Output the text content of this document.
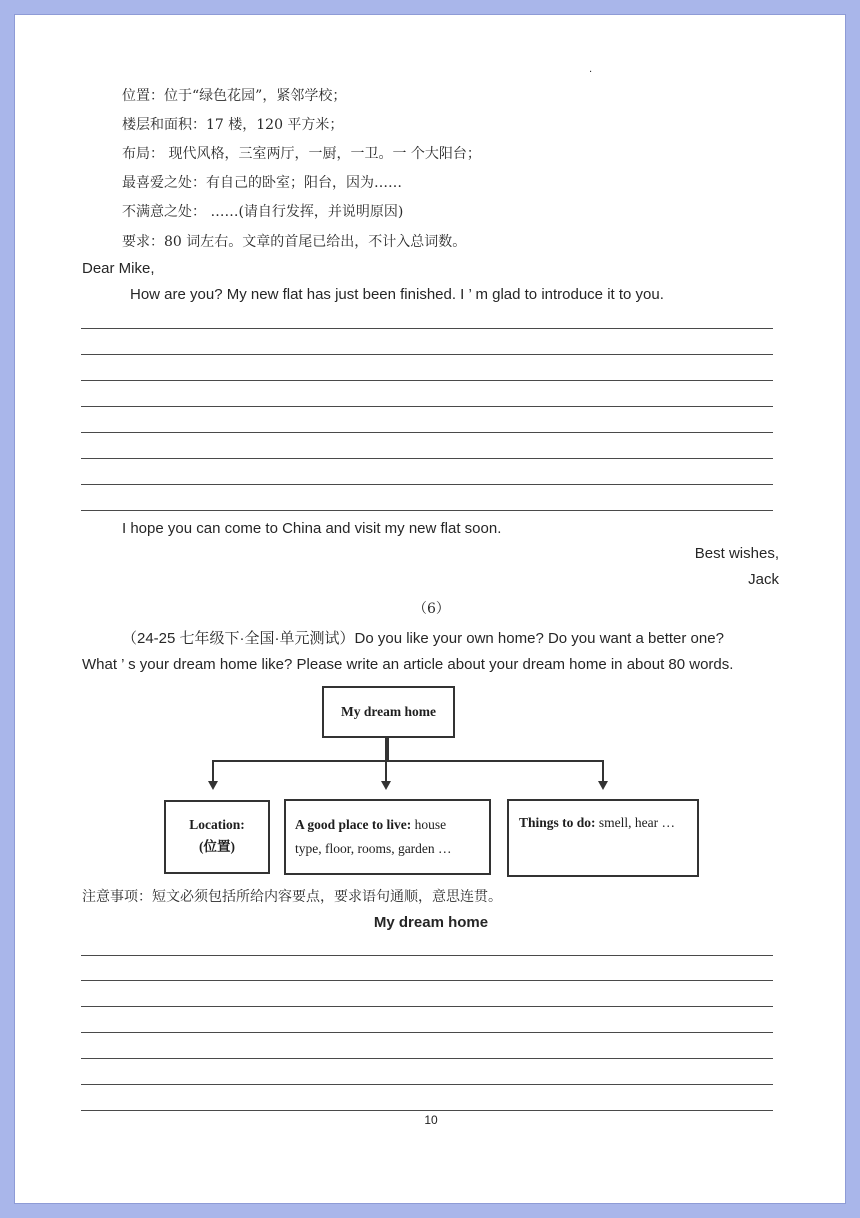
·
位置：位于“绿色花园”，紧邻学校；
楼层和面积：17 楼，120 平方米；
布局： 现代风格，三室两厅，一厨，一卫。一 个大阳台；
最喜爱之处：有自己的卧室；阳台，因为……
不满意之处： ……(请自行发挥，并说明原因)
要求：80 词左右。文章的首尾已给出，不计入总词数。
Dear Mike,
How are you? My new flat has just been finished. I ’ m glad to introduce it to you.
I hope you can come to China and visit my new flat soon.
Best wishes,
Jack
（6）
（24-25 七年级下·全国·单元测试）Do you like your own home? Do you want a better one?
What ’ s your dream home like? Please write an article about your dream home in about 80 words.
My dream home
Location:
(位置)
A good place to live: house
type, floor, rooms, garden …
Things to do: smell, hear …
注意事项：短文必须包括所给内容要点，要求语句通顺，意思连贯。
My dream home
10
